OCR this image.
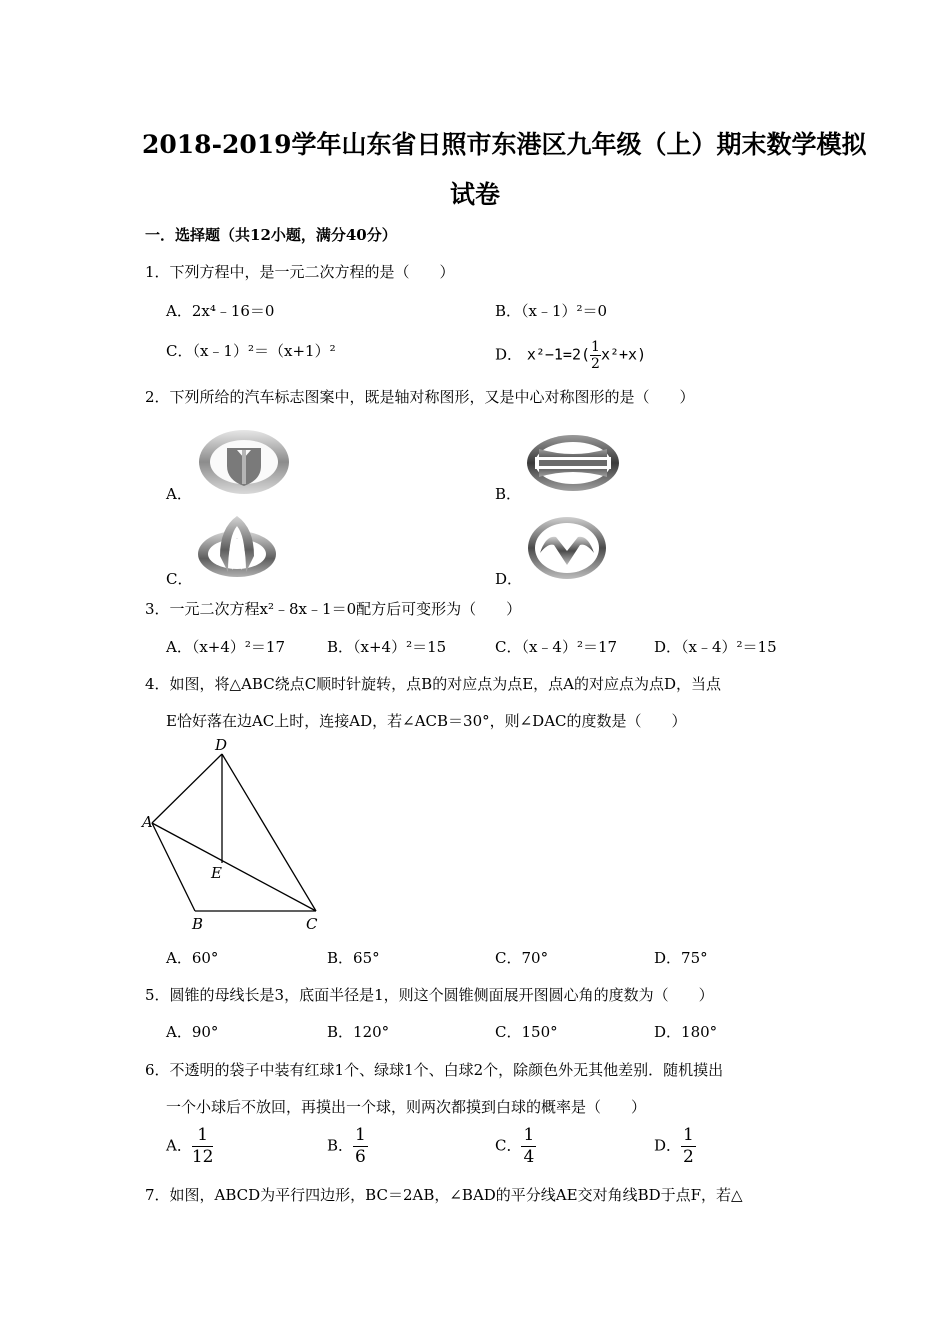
2018-2019学年山东省日照市东港区九年级（上）期末数学模拟
试卷
一．选择题（共12小题，满分40分）
1．下列方程中，是一元二次方程的是（　　）
A．2x⁴﹣16＝0	B．（x﹣1）²＝0
C．（x﹣1）²＝（x+1）²	D． $x^2-1=2( \frac{1}{2} x^2+x)$
2．下列所给的汽车标志图案中，既是轴对称图形，又是中心对称图形的是（　　）
A．	B．
C．	D．
3．一元二次方程x²﹣8x﹣1＝0配方后可变形为（　　）
A．（x+4）²＝17	B．（x+4）²＝15	C．（x﹣4）²＝17 D．（x﹣4）²＝15
4．如图，将△ABC绕点C顺时针旋转，点B的对应点为点E，点A的对应点为点D，当点
E恰好落在边AC上时，连接AD，若∠ACB＝30°，则∠DAC的度数是（　　）
D
A
E
B	C
A．60°	B．65°	C．70°	D．75°
5．圆锥的母线长是3，底面半径是1，则这个圆锥侧面展开图圆心角的度数为（　　）
A．90°	B．120°	C．150°	D．180°
6．不透明的袋子中装有红球1个、绿球1个、白球2个，除颜色外无其他差别．随机摸出
一个小球后不放回，再摸出一个球，则两次都摸到白球的概率是（　　）
A． $\frac{1}{12}$	B． $\frac{1}{6}$	C． $\frac{1}{4}$	D． $\frac{1}{2}$
7．如图，ABCD为平行四边形，BC＝2AB，∠BAD的平分线AE交对角线BD于点F，若△
